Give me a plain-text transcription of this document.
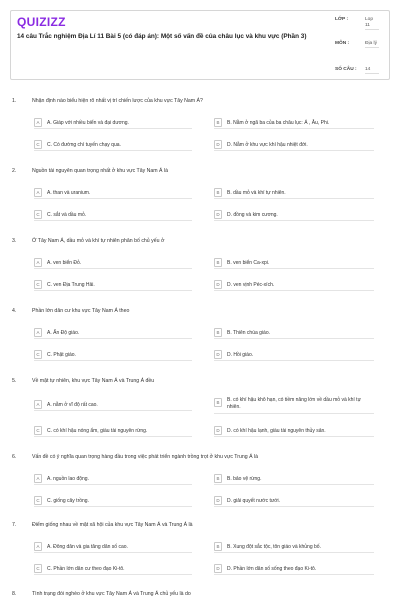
QUIZIZZ
14 câu Trắc nghiệm Địa Lí 11 Bài 5 (có đáp án): Một số vấn đề của châu lục và khu vực (Phần 3)
LỚP :	Lop 11
MÔN :	Địa lý
SỐ CÂU :	14
1.	Nhận định nào biểu hiện rõ nhất vị trí chiến lược của khu vực Tây Nam Á?
A	A. Giáp với nhiều biển và đại dương.	B	B. Nằm ở ngã ba của ba châu lục: Á , Âu, Phi.
C	C. Có đường chí tuyến chạy qua.	D	D. Nằm ở khu vực khí hậu nhiệt đới.
2.	Nguồn tài nguyên quan trọng nhất ở khu vực Tây Nam Á là
A	A. than và uranium.	B	B. dầu mỏ và khí tự nhiên.
C	C. sắt và dầu mỏ.	D	D. đồng và kim cương.
3.	Ở Tây Nam Á, dầu mỏ và khí tự nhiên phân bố chủ yếu ở
A	A. ven biển Đỏ.	B	B. ven biển Ca-xpi.
C	C. ven Địa Trung Hải.	D	D. ven vịnh Péc-xích.
4.	Phần lớn dân cư khu vực Tây Nam Á theo
A	A. Ấn Độ giáo.	B	B. Thiên chúa giáo.
C	C. Phật giáo.	D	D. Hồi giáo.
5.	Về mặt tự nhiên, khu vực Tây Nam Á và Trung Á đều
A	A. nằm ở vĩ độ rất cao.	B	B. có khí hậu khô hạn, có tiềm năng lớn về dầu mỏ và khí tự nhiên.
C	C. có khí hậu nóng ẩm, giàu tài nguyên rừng.	D	D. có khí hậu lạnh, giàu tài nguyên thủy sản.
6.	Vấn đề có ý nghĩa quan trọng hàng đầu trong việc phát triển ngành trồng trọt ở khu vực Trung Á là
A	A. nguồn lao động.	B	B. bảo vệ rừng.
C	C. giống cây trồng.	D	D. giải quyết nước tưới.
7.	Điểm giống nhau về mặt xã hội của khu vực Tây Nam Á và Trung Á là
A	A. Đông dân và gia tăng dân số cao.	B	B. Xung đột sắc tộc, tôn giáo và khủng bố.
C	C. Phần lớn dân cư theo đạo Ki-tô.	D	D. Phần lớn dân số sống theo đạo Ki-tô.
8.	Tình trạng đói nghèo ở khu vực Tây Nam Á và Trung Á chủ yếu là do
